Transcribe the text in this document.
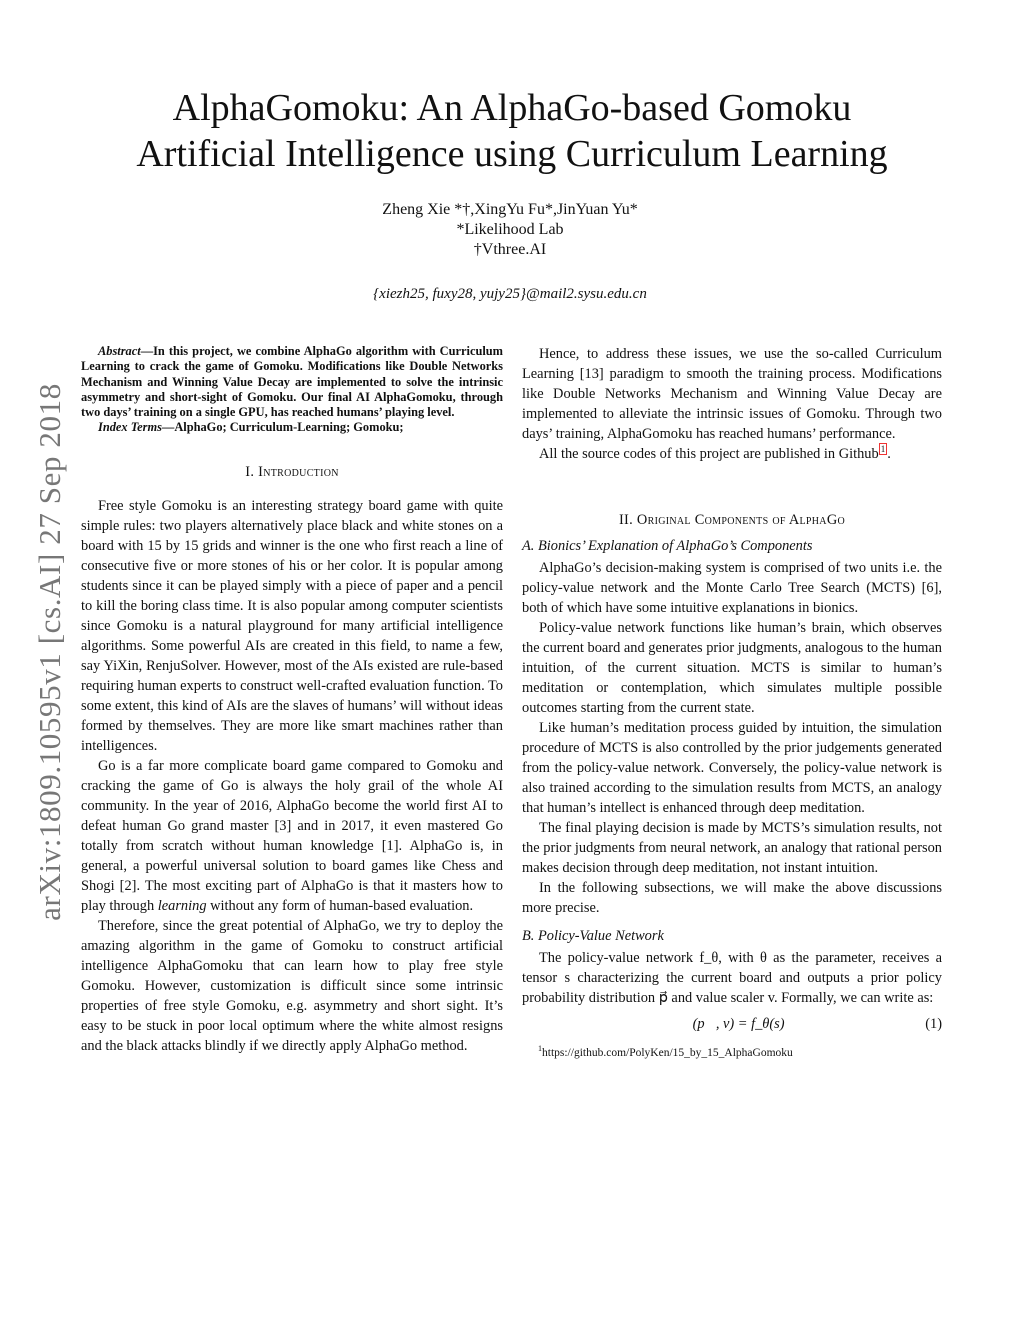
arXiv:1809.10595v1 [cs.AI] 27 Sep 2018
AlphaGomoku: An AlphaGo-based Gomoku
Artificial Intelligence using Curriculum Learning
Zheng Xie *†,XingYu Fu*,JinYuan Yu*
*Likelihood Lab
†Vthree.AI
{xiezh25, fuxy28, yujy25}@mail2.sysu.edu.cn

Abstract—In this project, we combine AlphaGo algorithm with Curriculum Learning to crack the game of Gomoku. Modifications like Double Networks Mechanism and Winning Value Decay are implemented to solve the intrinsic asymmetry and short-sight of Gomoku. Our final AI AlphaGomoku, through two days’ training on a single GPU, has reached humans’ playing level.

Index Terms—AlphaGo; Curriculum-Learning; Gomoku;

I. Introduction

Free style Gomoku is an interesting strategy board game with quite simple rules: two players alternatively place black and white stones on a board with 15 by 15 grids and winner is the one who first reach a line of consecutive five or more stones of his or her color. It is popular among students since it can be played simply with a piece of paper and a pencil to kill the boring class time. It is also popular among computer scientists since Gomoku is a natural playground for many artificial intelligence algorithms. Some powerful AIs are created in this field, to name a few, say YiXin, RenjuSolver. However, most of the AIs existed are rule-based requiring human experts to construct well-crafted evaluation function. To some extent, this kind of AIs are the slaves of humans’ will without ideas formed by themselves. They are more like smart machines rather than intelligences.

Go is a far more complicate board game compared to Gomoku and cracking the game of Go is always the holy grail of the whole AI community. In the year of 2016, AlphaGo become the world first AI to defeat human Go grand master [3] and in 2017, it even mastered Go totally from scratch without human knowledge [1]. AlphaGo is, in general, a powerful universal solution to board games like Chess and Shogi [2]. The most exciting part of AlphaGo is that it masters how to play through learning without any form of human-based evaluation.

Therefore, since the great potential of AlphaGo, we try to deploy the amazing algorithm in the game of Gomoku to construct artificial intelligence AlphaGomoku that can learn how to play free style Gomoku. However, customization is difficult since some intrinsic properties of free style Gomoku, e.g. asymmetry and short sight. It’s easy to be stuck in poor local optimum where the white almost resigns and the black attacks blindly if we directly apply AlphaGo method.

Hence, to address these issues, we use the so-called Curriculum Learning [13] paradigm to smooth the training process. Modifications like Double Networks Mechanism and Winning Value Decay are implemented to alleviate the intrinsic issues of Gomoku. Through two days’ training, AlphaGomoku has reached humans’ performance.

All the source codes of this project are published in Github $^1$ .

II. Original Components of AlphaGo
A. Bionics’ Explanation of AlphaGo’s Components

AlphaGo’s decision-making system is comprised of two units i.e. the policy-value network and the Monte Carlo Tree Search (MCTS) [6], both of which have some intuitive explanations in bionics.

Policy-value network functions like human’s brain, which observes the current board and generates prior judgments, analogous to the human intuition, of the current situation. MCTS is similar to human’s meditation or contemplation, which simulates multiple possible outcomes starting from the current state.

Like human’s meditation process guided by intuition, the simulation procedure of MCTS is also controlled by the prior judgements generated from the policy-value network. Conversely, the policy-value network is also trained according to the simulation results from MCTS, an analogy that human’s intellect is enhanced through deep meditation.

The final playing decision is made by MCTS’s simulation results, not the prior judgments from neural network, an analogy that rational person makes decision through deep meditation, not instant intuition.

In the following subsections, we will make the above discussions more precise.

B. Policy-Value Network

The policy-value network f_θ, with θ as the parameter, receives a tensor s characterizing the current board and outputs a prior policy probability distribution p⃗ and value scaler v. Formally, we can write as:

(p⃗, v) = f_θ(s)	(1)
$^1$https://github.com/PolyKen/15_by_15_AlphaGomoku
